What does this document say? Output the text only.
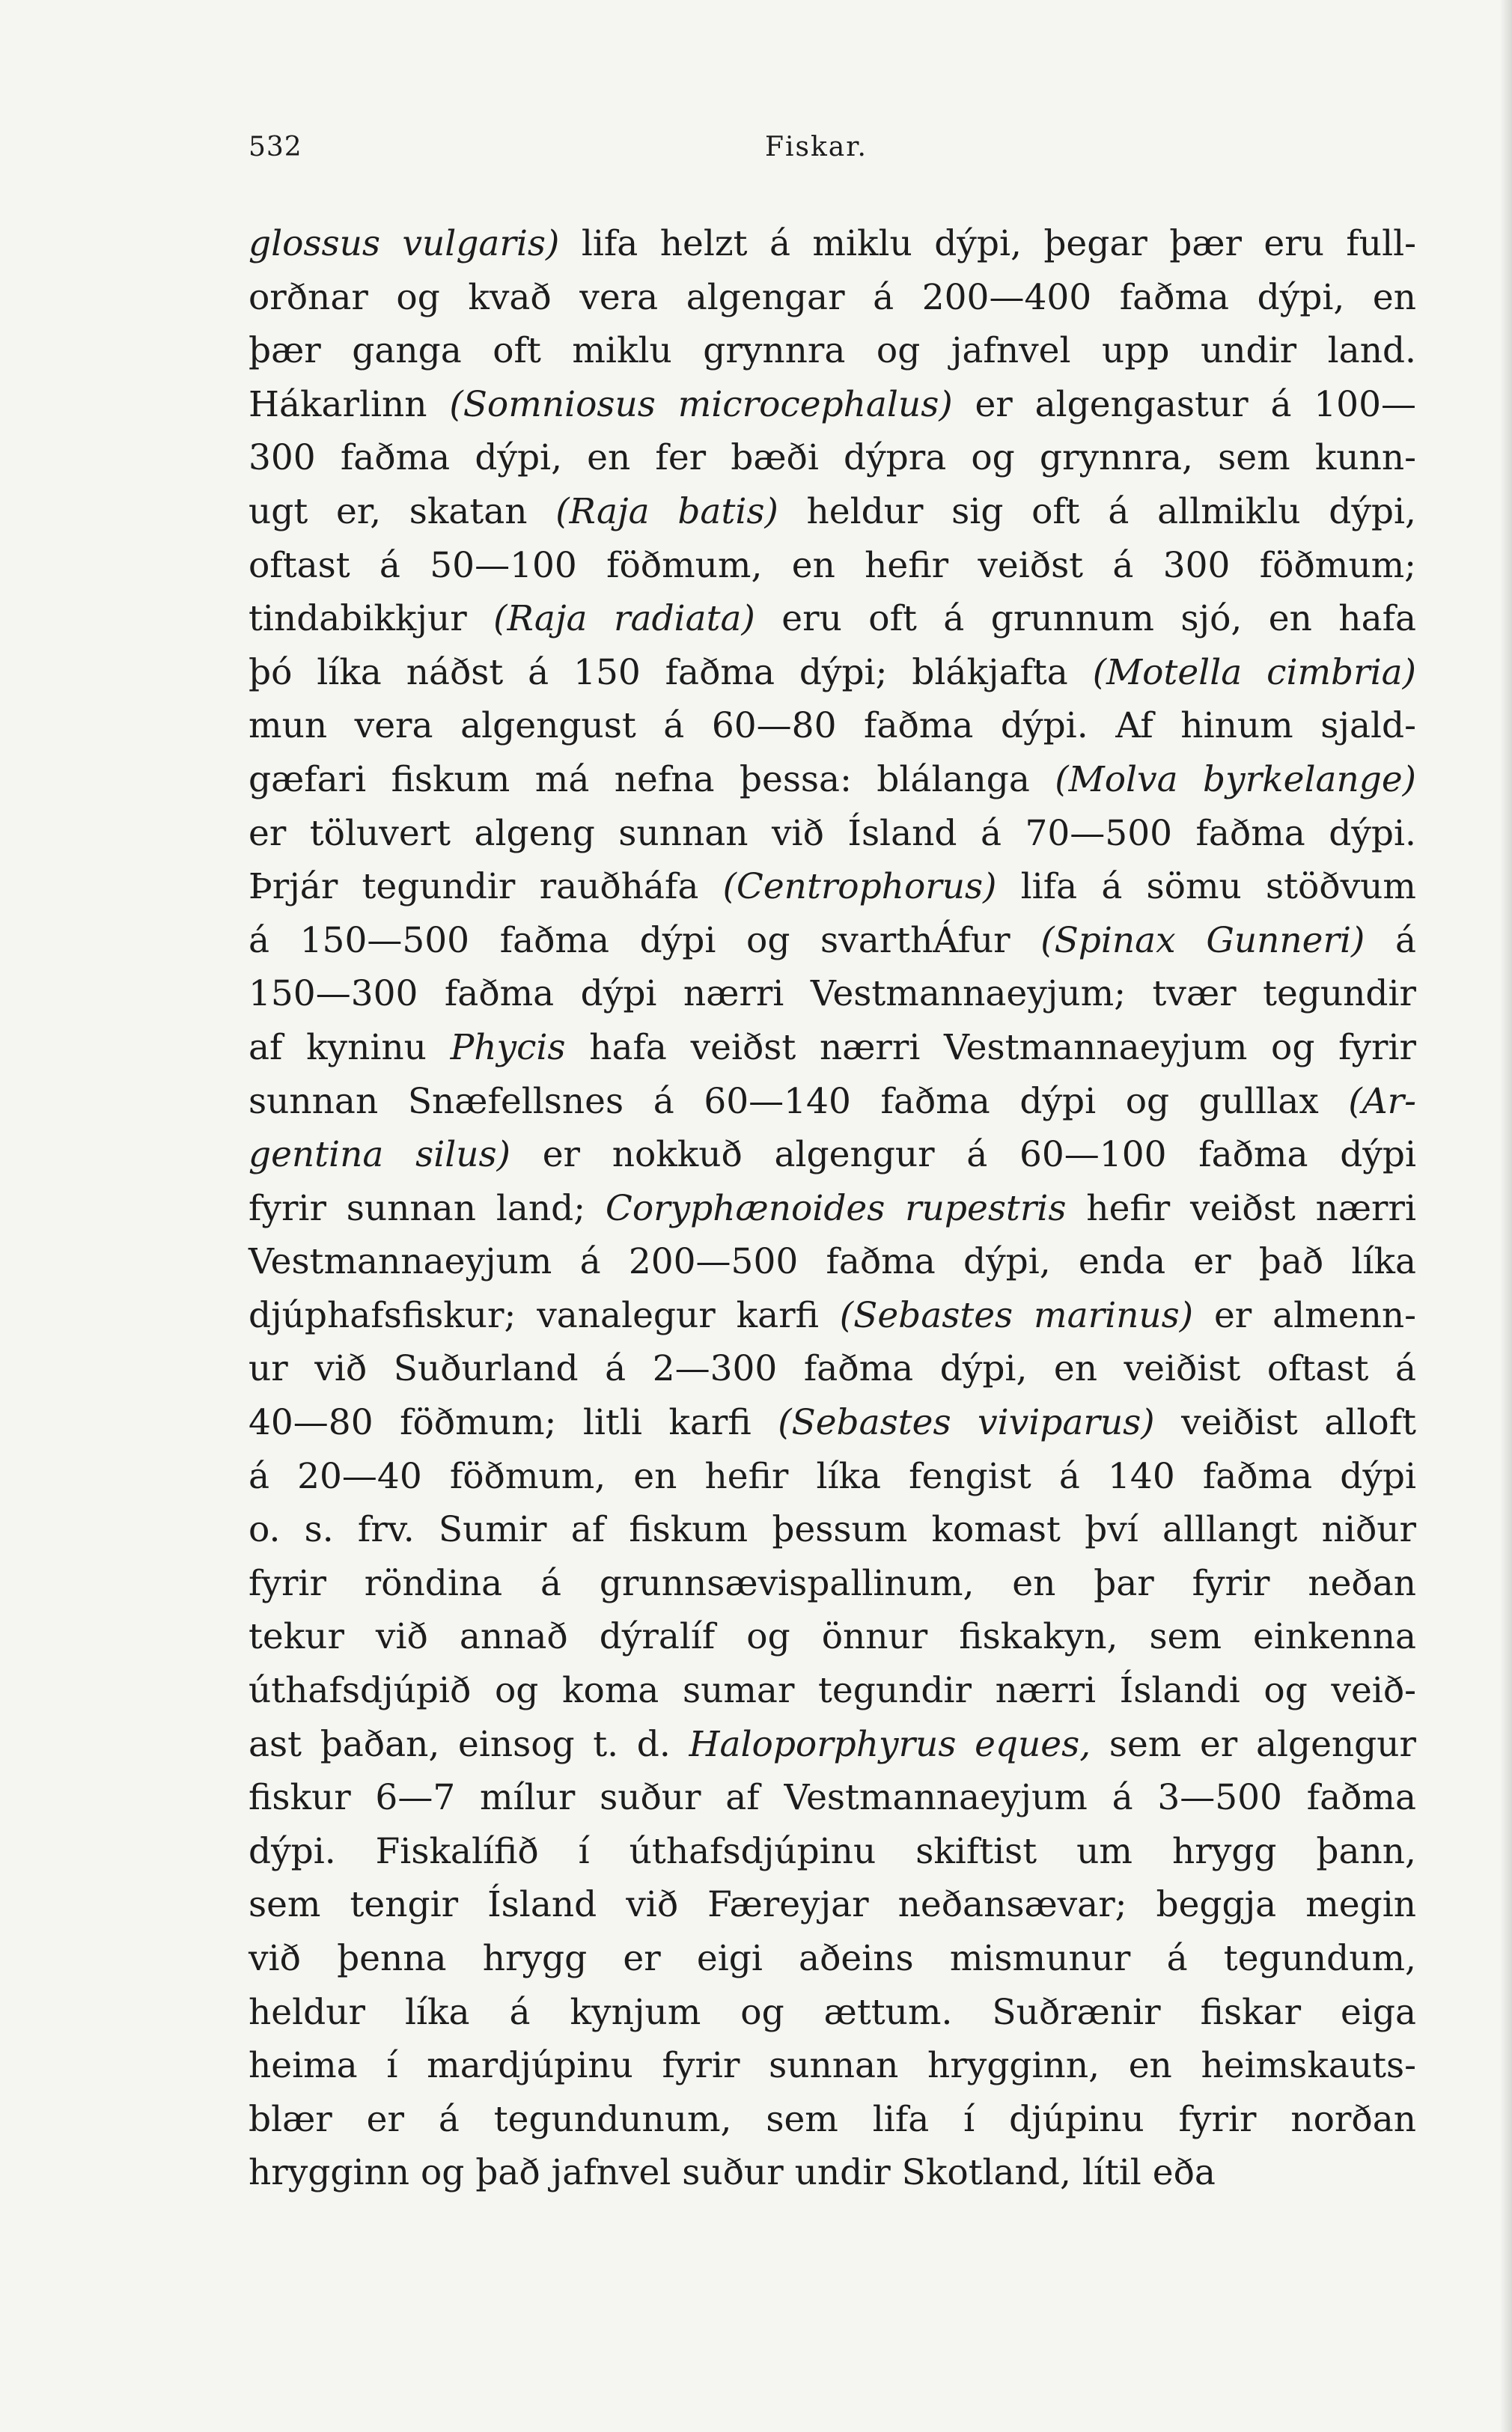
532	Fiskar.
glossus vulgaris) lifa helzt á miklu dýpi, þegar þær eru full-
orðnar og kvað vera algengar á 200—400 faðma dýpi, en
þær ganga oft miklu grynnra og jafnvel upp undir land.
Hákarlinn (Somniosus microcephalus) er algengastur á 100—
300 faðma dýpi, en fer bæði dýpra og grynnra, sem kunn-
ugt er, skatan (Raja batis) heldur sig oft á allmiklu dýpi,
oftast á 50—100 föðmum, en hefir veiðst á 300 föðmum;
tindabikkjur (Raja radiata) eru oft á grunnum sjó, en hafa
þó líka náðst á 150 faðma dýpi; blákjafta (Motella cimbria)
mun vera algengust á 60—80 faðma dýpi. Af hinum sjald-
gæfari fiskum má nefna þessa: blálanga (Molva byrkelange)
er töluvert algeng sunnan við Ísland á 70—500 faðma dýpi.
Þrjár tegundir rauðháfa (Centrophorus) lifa á sömu stöðvum
á 150—500 faðma dýpi og svarthÁfur (Spinax Gunneri) á
150—300 faðma dýpi nærri Vestmannaeyjum; tvær tegundir
af kyninu Phycis hafa veiðst nærri Vestmannaeyjum og fyrir
sunnan Snæfellsnes á 60—140 faðma dýpi og gulllax (Ar-
gentina silus) er nokkuð algengur á 60—100 faðma dýpi
fyrir sunnan land; Coryphænoides rupestris hefir veiðst nærri
Vestmannaeyjum á 200—500 faðma dýpi, enda er það líka
djúphafsfiskur; vanalegur karfi (Sebastes marinus) er almenn-
ur við Suðurland á 2—300 faðma dýpi, en veiðist oftast á
40—80 föðmum; litli karfi (Sebastes viviparus) veiðist alloft
á 20—40 föðmum, en hefir líka fengist á 140 faðma dýpi
o. s. frv. Sumir af fiskum þessum komast því alllangt niður
fyrir röndina á grunnsævispallinum, en þar fyrir neðan
tekur við annað dýralíf og önnur fiskakyn, sem einkenna
úthafsdjúpið og koma sumar tegundir nærri Íslandi og veið-
ast þaðan, einsog t. d. Haloporphyrus eques, sem er algengur
fiskur 6—7 mílur suður af Vestmannaeyjum á 3—500 faðma
dýpi. Fiskalífið í úthafsdjúpinu skiftist um hrygg þann,
sem tengir Ísland við Færeyjar neðansævar; beggja megin
við þenna hrygg er eigi aðeins mismunur á tegundum,
heldur líka á kynjum og ættum. Suðrænir fiskar eiga
heima í mardjúpinu fyrir sunnan hrygginn, en heimskauts-
blær er á tegundunum, sem lifa í djúpinu fyrir norðan
hrygginn og það jafnvel suður undir Skotland, lítil eða
